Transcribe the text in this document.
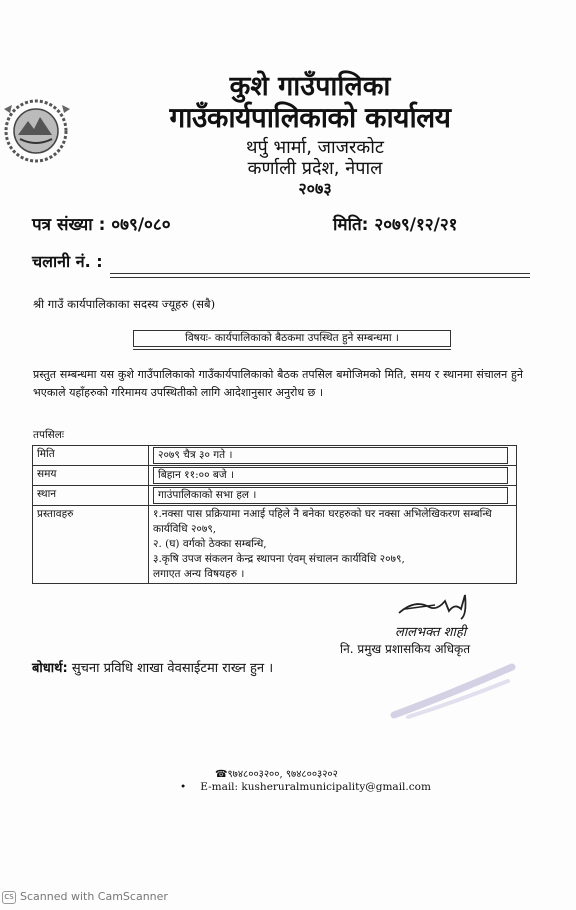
कुशे गाउँपालिका
गाउँकार्यपालिकाको कार्यालय
थर्पु भार्मा, जाजरकोट
कर्णाली प्रदेश, नेपाल
२०७३
पत्र संख्या : ०७९/०८०	मिति: २०७९/१२/२१
चलानी नं. :
श्री गाउँ कार्यपालिकाका सदस्य ज्यूहरु (सबै)
विषयः- कार्यपालिकाको बैठकमा उपस्थित हुने सम्बन्धमा ।
प्रस्तुत सम्बन्धमा यस कुशे गाउँपालिकाको गाउँकार्यपालिकाको बैठक तपसिल बमोजिमको मिति, समय र स्थानमा संचालन हुने भएकाले यहाँहरुको गरिमामय उपस्थितीको लागि आदेशानुसार अनुरोध छ ।
तपसिलः
मिति	२०७९ चैत्र ३० गते ।
समय	बिहान ११:०० बजे ।
स्थान	गाउंपालिकाको सभा हल ।
प्रस्तावहरु	१.नक्सा पास प्रक्रियामा नआई पहिले नै बनेका घरहरुको घर नक्सा अभिलेखिकरण सम्बन्धि कार्यविधि २०७९,
२. (घ) वर्गको ठेक्का सम्बन्धि,
३.कृषि उपज संकलन केन्द्र स्थापना एंवम् संचालन कार्यविधि २०७९,
लगाएत अन्य विषयहरु ।
लालभक्त शाही
नि. प्रमुख प्रशासकिय अधिकृत
बोधार्थ: सुचना प्रविधि शाखा वेवसाईटमा राख्न हुन ।
☎९७४८००३२००, ९७४८००३२०२
• E-mail: kusheruralmunicipality@gmail.com
CS Scanned with CamScanner
